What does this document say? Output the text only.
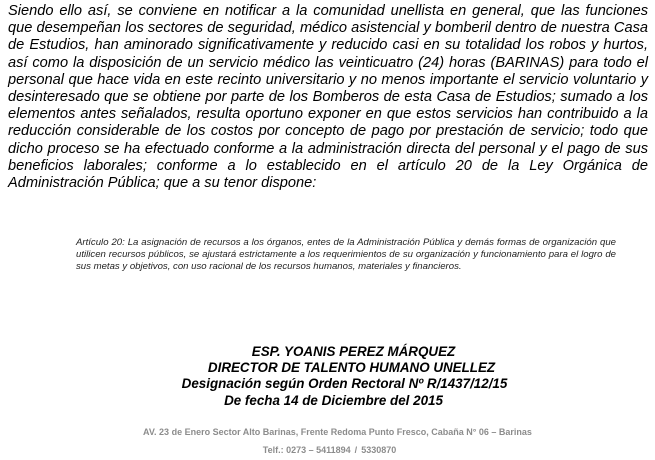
Siendo ello así, se conviene en notificar a la comunidad unellista en general, que las funciones que desempeñan los sectores de seguridad, médico asistencial y bomberil dentro de nuestra Casa de Estudios, han aminorado significativamente y reducido casi en su totalidad los robos y hurtos, así como la disposición de un servicio médico las veinticuatro (24) horas (BARINAS) para todo el personal que hace vida en este recinto universitario y no menos importante el servicio voluntario y desinteresado que se obtiene por parte de los Bomberos de esta Casa de Estudios; sumado a los elementos antes señalados, resulta oportuno exponer en que estos servicios han contribuido a la reducción considerable de los costos por concepto de pago por prestación de servicio; todo que dicho proceso se ha efectuado conforme a la administración directa del personal y el pago de sus beneficios laborales; conforme a lo establecido en el artículo 20 de la Ley Orgánica de Administración Pública; que a su tenor dispone:

Artículo 20: La asignación de recursos a los órganos, entes de la Administración Pública y demás formas de organización que utilicen recursos públicos, se ajustará estrictamente a los requerimientos de su organización y funcionamiento para el logro de sus metas y objetivos, con uso racional de los recursos humanos, materiales y financieros.

ESP. YOANIS PEREZ MÁRQUEZ
DIRECTOR DE TALENTO HUMANO UNELLEZ
Designación según Orden Rectoral Nº R/1437/12/15
De fecha 14 de Diciembre del 2015
AV. 23 de Enero Sector Alto Barinas, Frente Redoma Punto Fresco, Cabaña N° 06 – Barinas
Telf.: 0273 – 5411894 / 5330870
